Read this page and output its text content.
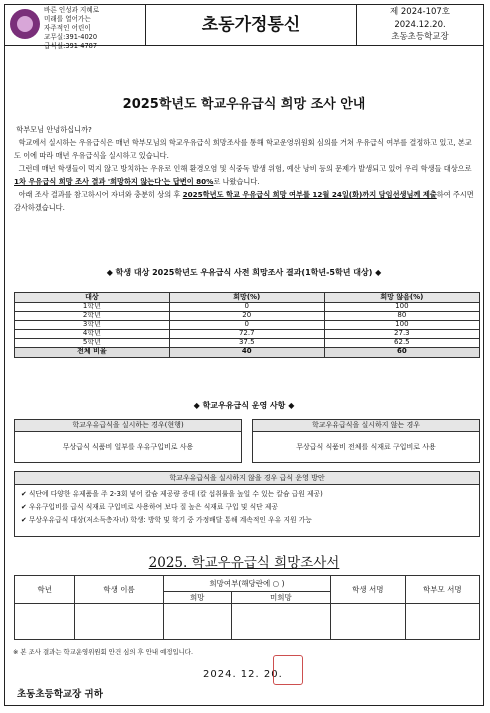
바른 인성과 지혜로
미래를 열어가는
자주적인 어린이
교무실:391-4020
급식실:391-4787
초동가정통신
제 2024-107호
2024.12.20.
초동초등학교장
2025학년도 학교우유급식 희망 조사 안내

학부모님 안녕하십니까?

학교에서 실시하는 우유급식은 매년 학부모님의 학교우유급식 희망조사를 통해 학교운영위원회 심의를 거쳐 우유급식 여부를 결정하고 있고, 본교도 이에 따라 매년 우유급식을 실시하고 있습니다.

그런데 매년 학생들이 먹지 않고 방치하는 우유로 인해 환경오염 및 식중독 발생 위험, 예산 낭비 등의 문제가 발생되고 있어 우리 학생들 대상으로 1차 우유급식 희망 조사 결과 '희망하지 않는다'는 답변이 80%로 나왔습니다.

아래 조사 결과를 참고하시어 자녀와 충분히 상의 후 2025학년도 학교 우유급식 희망 여부를 12월 24일(화)까지 담임선생님께 제출하여 주시면 감사하겠습니다.

◆ 학생 대상 2025학년도 우유급식 사전 희망조사 결과(1학년-5학년 대상) ◆
대상	희망(%)	희망 않음(%)
1학년	0	100
2학년	20	80
3학년	0	100
4학년	72.7	27.3
5학년	37.5	62.5
전체 비율	40	60
◆ 학교우유급식 운영 사항 ◆
학교우유급식을 실시하는 경우(현행)
무상급식 식품비 일부를 우유구입비로 사용
학교우유급식을 실시하지 않는 경우
무상급식 식품비 전체를 식재료 구입비로 사용
학교우유급식을 실시하지 않을 경우 급식 운영 방안
✔ 식단에 다양한 유제품을 주 2-3회 넣어 칼슘 제공량 증대 (칼 섭취률을 높일 수 있는 칼슘 급원 제공)
✔ 우유구입비를 급식 식재료 구입비로 사용하여 보다 질 높은 식재료 구입 및 식단 제공
✔ 무상우유급식 대상(저소득층자녀) 학생: 방학 및 학기 중 가정배달 통해 계속적인 우유 지원 가능
2025. 학교우유급식 희망조사서
학년	학생 이름	희망여부(해당란에 ○ )		학생 서명	학부모 서명
		희망	미희망		

※ 본 조사 결과는 학교운영위원회 안건 심의 후 안내 예정입니다.
2024. 12. 20.
초동초등학교장 귀하
